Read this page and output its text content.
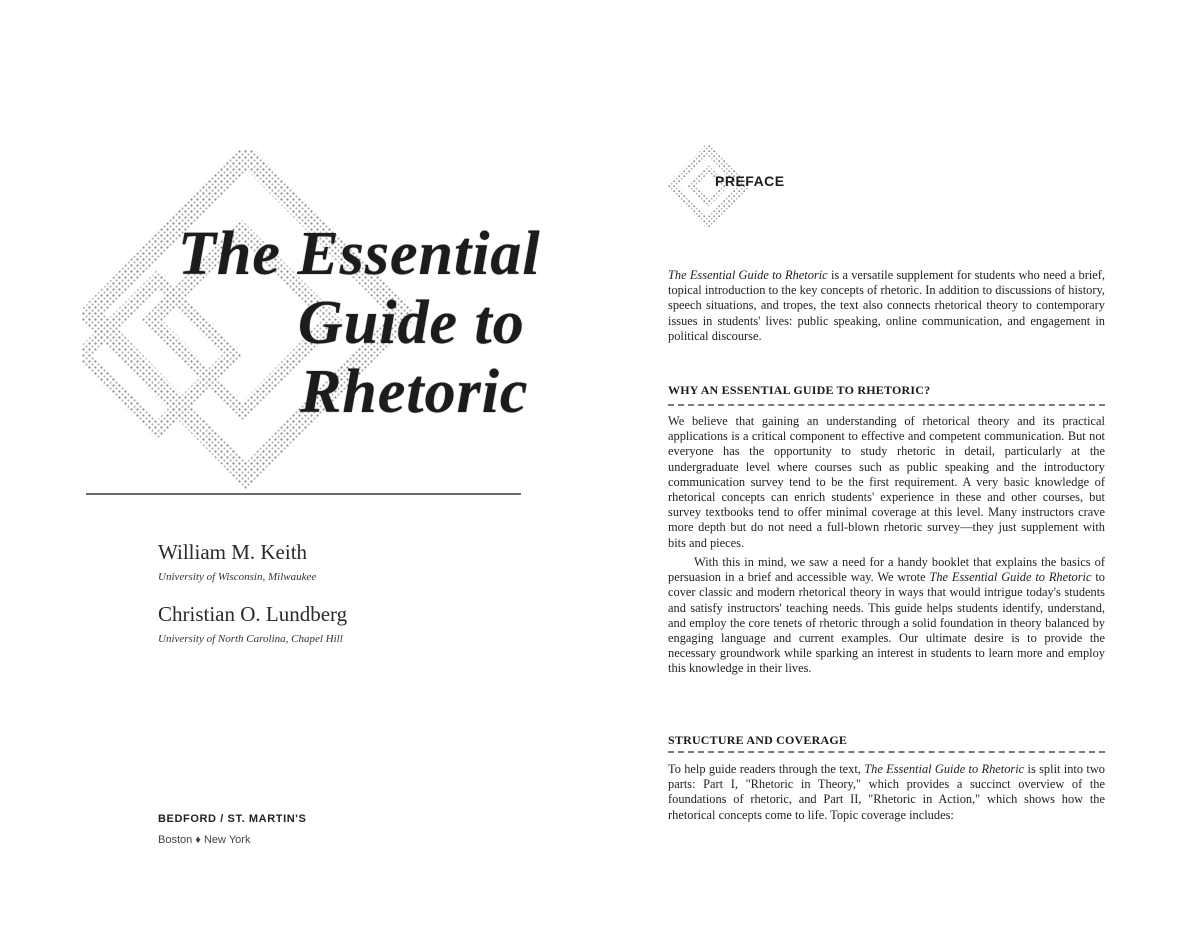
The Essential
Guide to
Rhetoric
William M. Keith
University of Wisconsin, Milwaukee
Christian O. Lundberg
University of North Carolina, Chapel Hill
BEDFORD / ST. MARTIN'S
Boston ♦ New York
PREFACE

The Essential Guide to Rhetoric is a versatile supplement for students who need a brief, topical introduction to the key concepts of rhetoric. In addition to discussions of history, speech situations, and tropes, the text also connects rhetorical theory to contemporary issues in students' lives: public speaking, online communication, and engagement in political discourse.

WHY AN ESSENTIAL GUIDE TO RHETORIC?

We believe that gaining an understanding of rhetorical theory and its practical applications is a critical component to effective and competent communication. But not everyone has the opportunity to study rhetoric in detail, particularly at the undergraduate level where courses such as public speaking and the introductory communication survey tend to be the first requirement. A very basic knowledge of rhetorical concepts can enrich students' experience in these and other courses, but survey textbooks tend to offer minimal coverage at this level. Many instructors crave more depth but do not need a full-blown rhetoric survey—they just supplement with bits and pieces.

With this in mind, we saw a need for a handy booklet that explains the basics of persuasion in a brief and accessible way. We wrote The Essential Guide to Rhetoric to cover classic and modern rhetorical theory in ways that would intrigue today's students and satisfy instructors' teaching needs. This guide helps students identify, understand, and employ the core tenets of rhetoric through a solid foundation in theory balanced by engaging language and current examples. Our ultimate desire is to provide the necessary groundwork while sparking an interest in students to learn more and employ this knowledge in their lives.

STRUCTURE AND COVERAGE

To help guide readers through the text, The Essential Guide to Rhetoric is split into two parts: Part I, "Rhetoric in Theory," which provides a succinct overview of the foundations of rhetoric, and Part II, "Rhetoric in Action," which shows how the rhetorical concepts come to life. Topic coverage includes:
